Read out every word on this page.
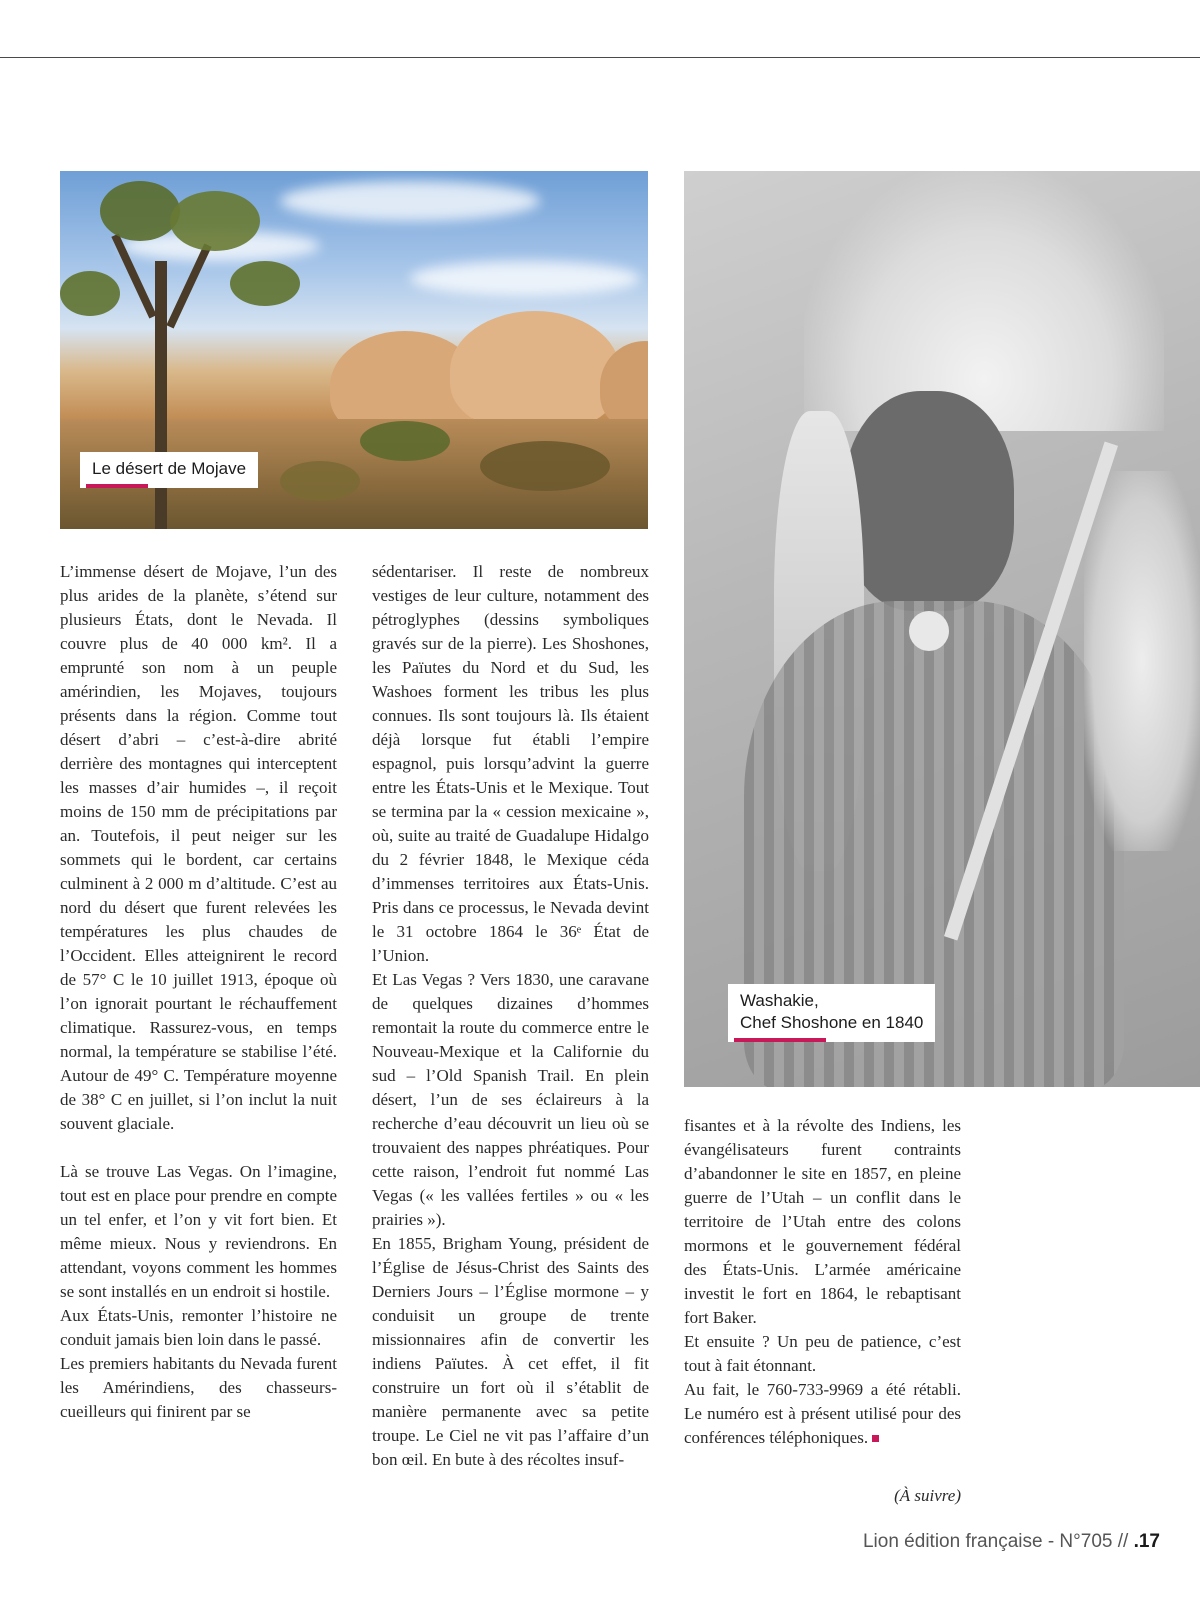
Le désert de Mojave
Washakie,
Chef Shoshone en 1840

L’immense désert de Mojave, l’un des plus arides de la planète, s’étend sur plusieurs États, dont le Nevada. Il couvre plus de 40 000 km². Il a emprunté son nom à un peuple amérindien, les Mojaves, toujours présents dans la région. Comme tout désert d’abri – c’est-à-dire abrité derrière des montagnes qui interceptent les masses d’air humides –, il reçoit moins de 150 mm de précipitations par an. Toutefois, il peut neiger sur les sommets qui le bordent, car certains culminent à 2 000 m d’altitude. C’est au nord du désert que furent relevées les températures les plus chaudes de l’Occident. Elles atteignirent le record de 57° C le 10 juillet 1913, époque où l’on ignorait pourtant le réchauffement climatique. Rassurez-vous, en temps normal, la température se stabilise l’été. Autour de 49° C. Température moyenne de 38° C en juillet, si l’on inclut la nuit souvent glaciale.

Là se trouve Las Vegas. On l’imagine, tout est en place pour prendre en compte un tel enfer, et l’on y vit fort bien. Et même mieux. Nous y reviendrons. En attendant, voyons comment les hommes se sont installés en un endroit si hostile.

Aux États-Unis, remonter l’histoire ne conduit jamais bien loin dans le passé.

Les premiers habitants du Nevada furent les Amérindiens, des chasseurs-cueilleurs qui finirent par se

sédentariser. Il reste de nombreux vestiges de leur culture, notamment des pétroglyphes (dessins symboliques gravés sur de la pierre). Les Shoshones, les Païutes du Nord et du Sud, les Washoes forment les tribus les plus connues. Ils sont toujours là. Ils étaient déjà lorsque fut établi l’empire espagnol, puis lorsqu’advint la guerre entre les États-Unis et le Mexique. Tout se termina par la « cession mexicaine », où, suite au traité de Guadalupe Hidalgo du 2 février 1848, le Mexique céda d’immenses territoires aux États-Unis. Pris dans ce processus, le Nevada devint le 31 octobre 1864 le 36ᵉ État de l’Union.

Et Las Vegas ? Vers 1830, une caravane de quelques dizaines d’hommes remontait la route du commerce entre le Nouveau-Mexique et la Californie du sud – l’Old Spanish Trail. En plein désert, l’un de ses éclaireurs à la recherche d’eau découvrit un lieu où se trouvaient des nappes phréatiques. Pour cette raison, l’endroit fut nommé Las Vegas (« les vallées fertiles » ou « les prairies »).

En 1855, Brigham Young, président de l’Église de Jésus-Christ des Saints des Derniers Jours – l’Église mormone – y conduisit un groupe de trente missionnaires afin de convertir les indiens Païutes. À cet effet, il fit construire un fort où il s’établit de manière permanente avec sa petite troupe. Le Ciel ne vit pas l’affaire d’un bon œil. En bute à des récoltes insuf-

fisantes et à la révolte des Indiens, les évangélisateurs furent contraints d’abandonner le site en 1857, en pleine guerre de l’Utah – un conflit dans le territoire de l’Utah entre des colons mormons et le gouvernement fédéral des États-Unis. L’armée américaine investit le fort en 1864, le rebaptisant fort Baker.

Et ensuite ? Un peu de patience, c’est tout à fait étonnant.

Au fait, le 760-733-9969 a été rétabli. Le numéro est à présent utilisé pour des conférences téléphoniques.

(À suivre)
Lion édition française - N°705 // .17
